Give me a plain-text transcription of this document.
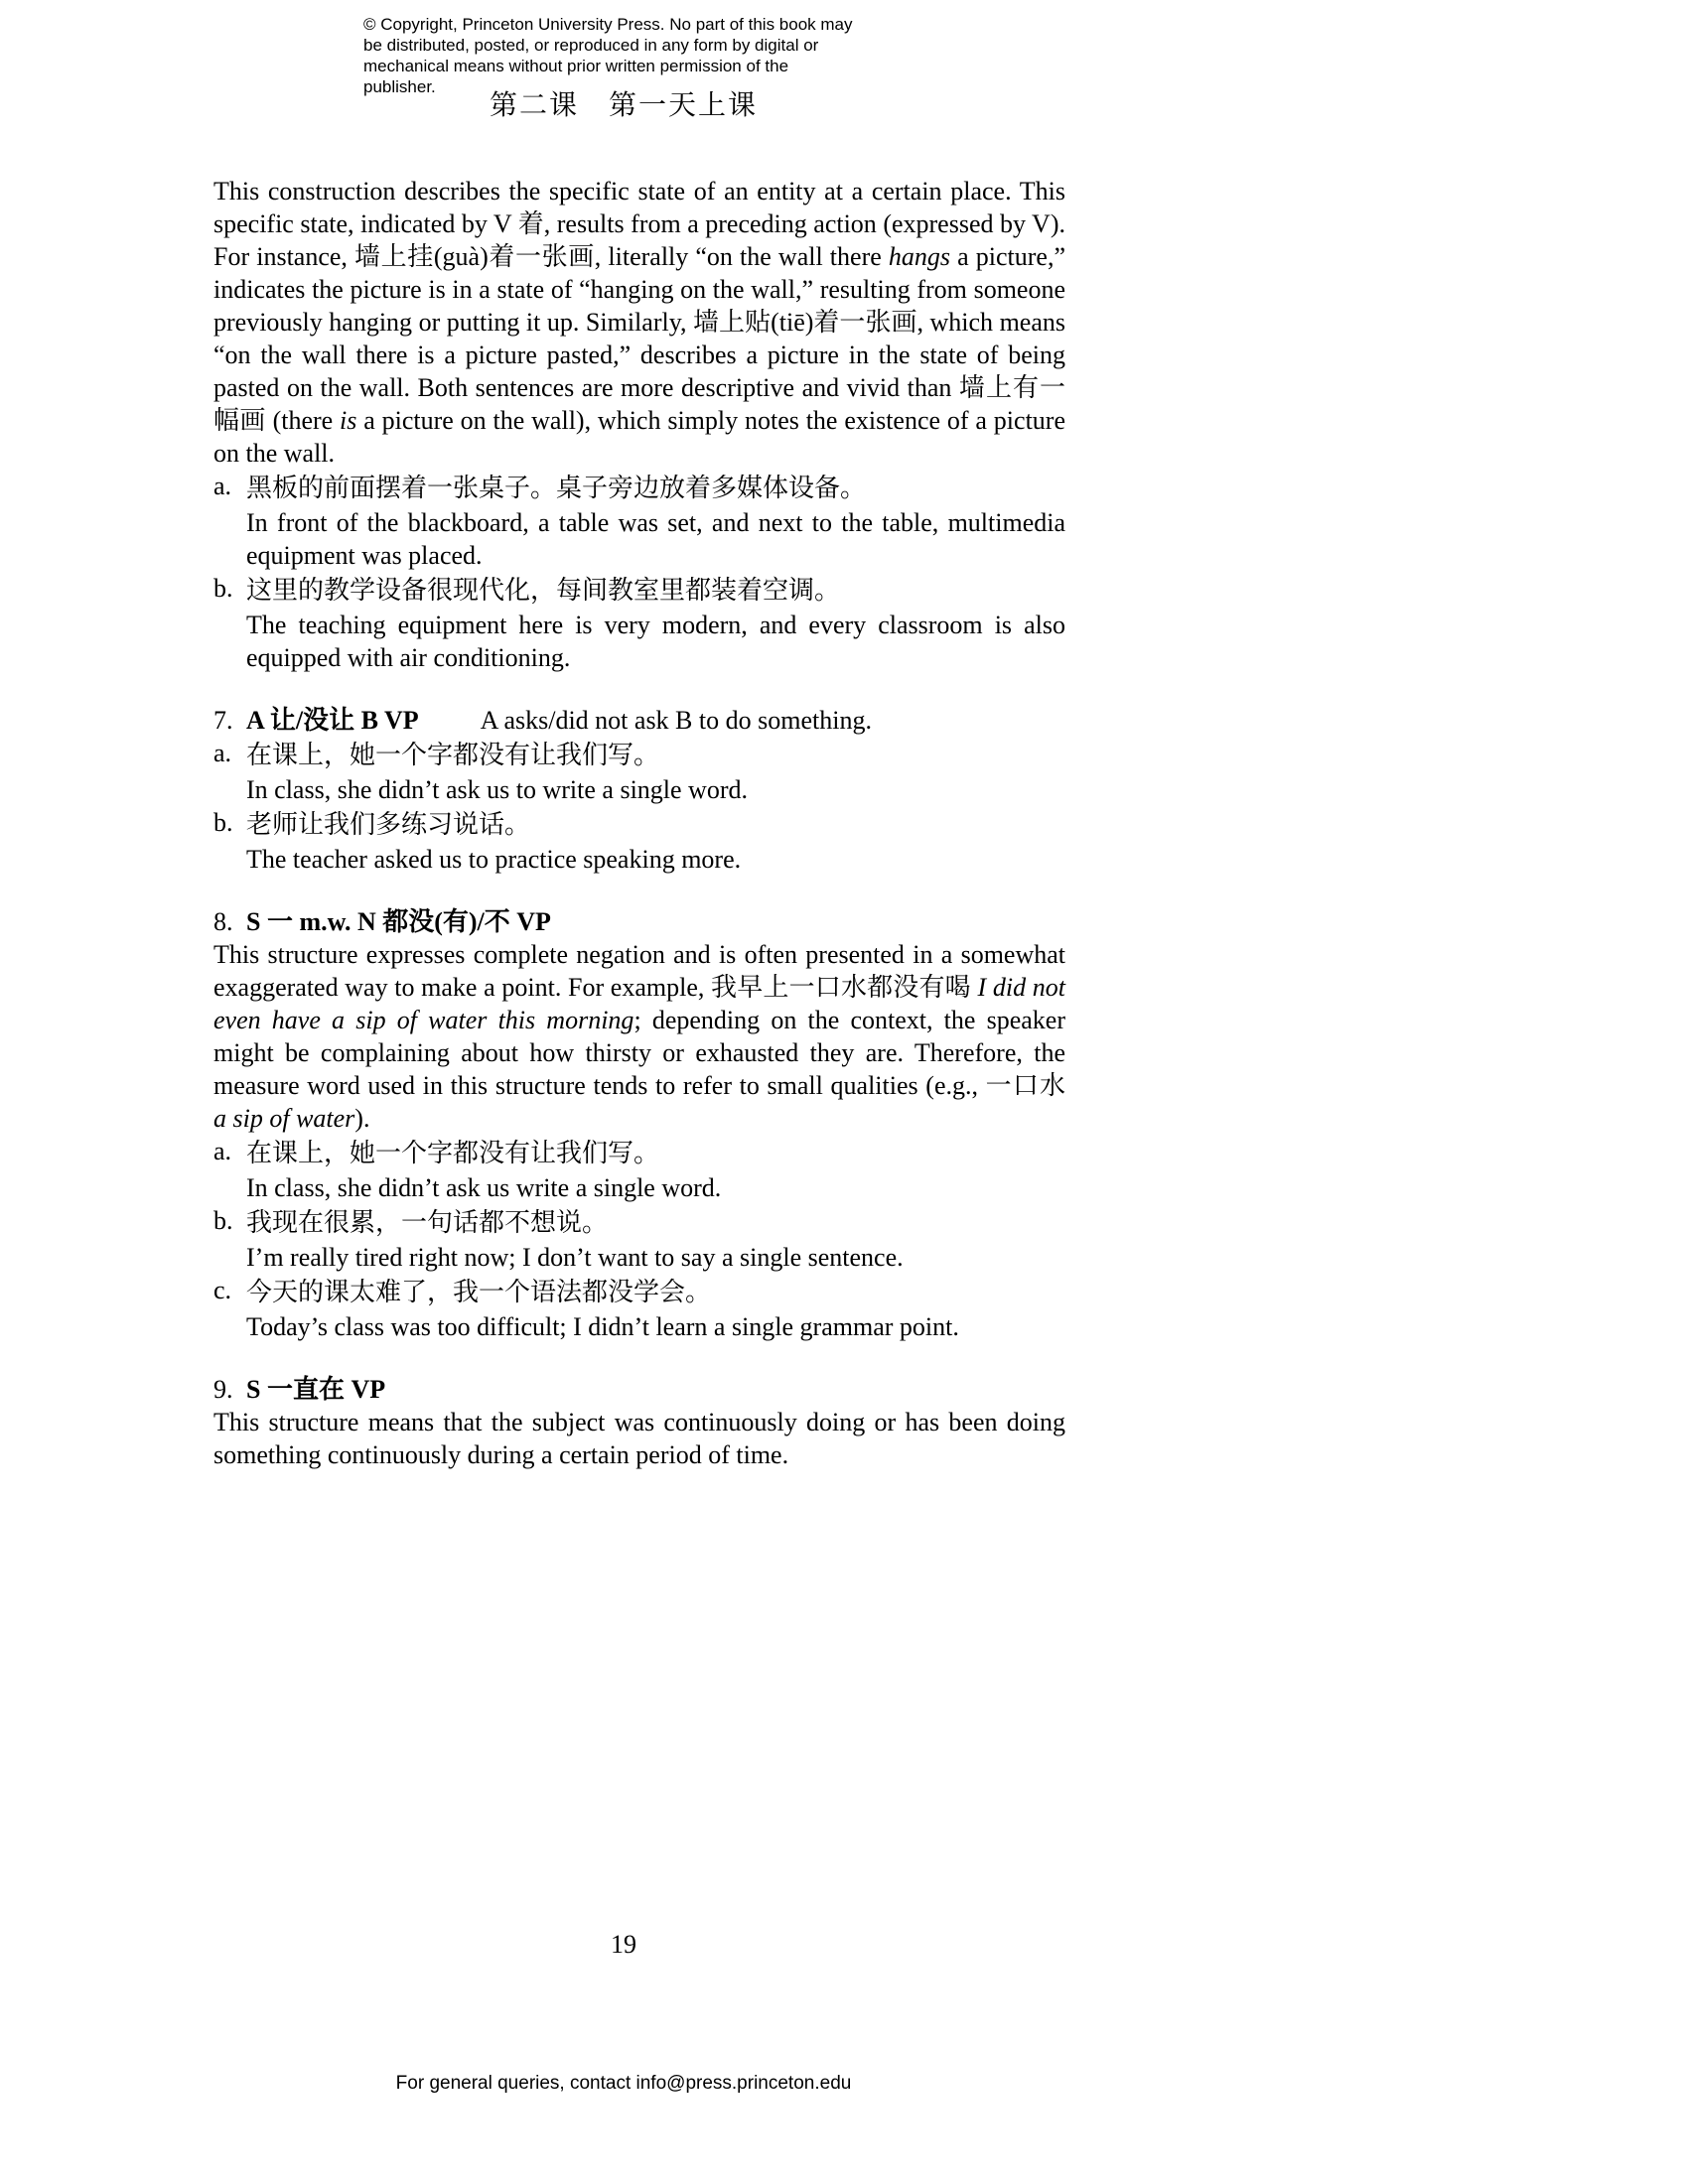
© Copyright, Princeton University Press. No part of this book may be distributed, posted, or reproduced in any form by digital or mechanical means without prior written permission of the publisher.
第二课　第一天上课

This construction describes the specific state of an entity at a certain place. This specific state, indicated by V 着, results from a preceding action (expressed by V). For instance, 墙上挂(guà)着一张画, literally “on the wall there hangs a picture,” indicates the picture is in a state of “hanging on the wall,” resulting from someone previously hanging or putting it up. Similarly, 墙上贴(tiē)着一张画, which means “on the wall there is a picture pasted,” describes a picture in the state of being pasted on the wall. Both sentences are more descriptive and vivid than 墙上有一幅画 (there is a picture on the wall), which simply notes the existence of a picture on the wall.

a. 黑板的前面摆着一张桌子。桌子旁边放着多媒体设备。
In front of the blackboard, a table was set, and next to the table, multimedia equipment was placed.
b. 这里的教学设备很现代化，每间教室里都装着空调。
The teaching equipment here is very modern, and every classroom is also equipped with air conditioning.
7. A 让/没让 B VP A asks/did not ask B to do something.
a. 在课上，她一个字都没有让我们写。
In class, she didn’t ask us to write a single word.
b. 老师让我们多练习说话。
The teacher asked us to practice speaking more.
8. S 一 m.w. N 都没(有)/不 VP

This structure expresses complete negation and is often presented in a somewhat exaggerated way to make a point. For example, 我早上一口水都没有喝 I did not even have a sip of water this morning; depending on the context, the speaker might be complaining about how thirsty or exhausted they are. Therefore, the measure word used in this structure tends to refer to small qualities (e.g., 一口水 a sip of water).

a. 在课上，她一个字都没有让我们写。
In class, she didn’t ask us write a single word.
b. 我现在很累，一句话都不想说。
I’m really tired right now; I don’t want to say a single sentence.
c. 今天的课太难了，我一个语法都没学会。
Today’s class was too difficult; I didn’t learn a single grammar point.
9. S 一直在 VP

This structure means that the subject was continuously doing or has been doing something continuously during a certain period of time.

19
For general queries, contact info@press.princeton.edu
